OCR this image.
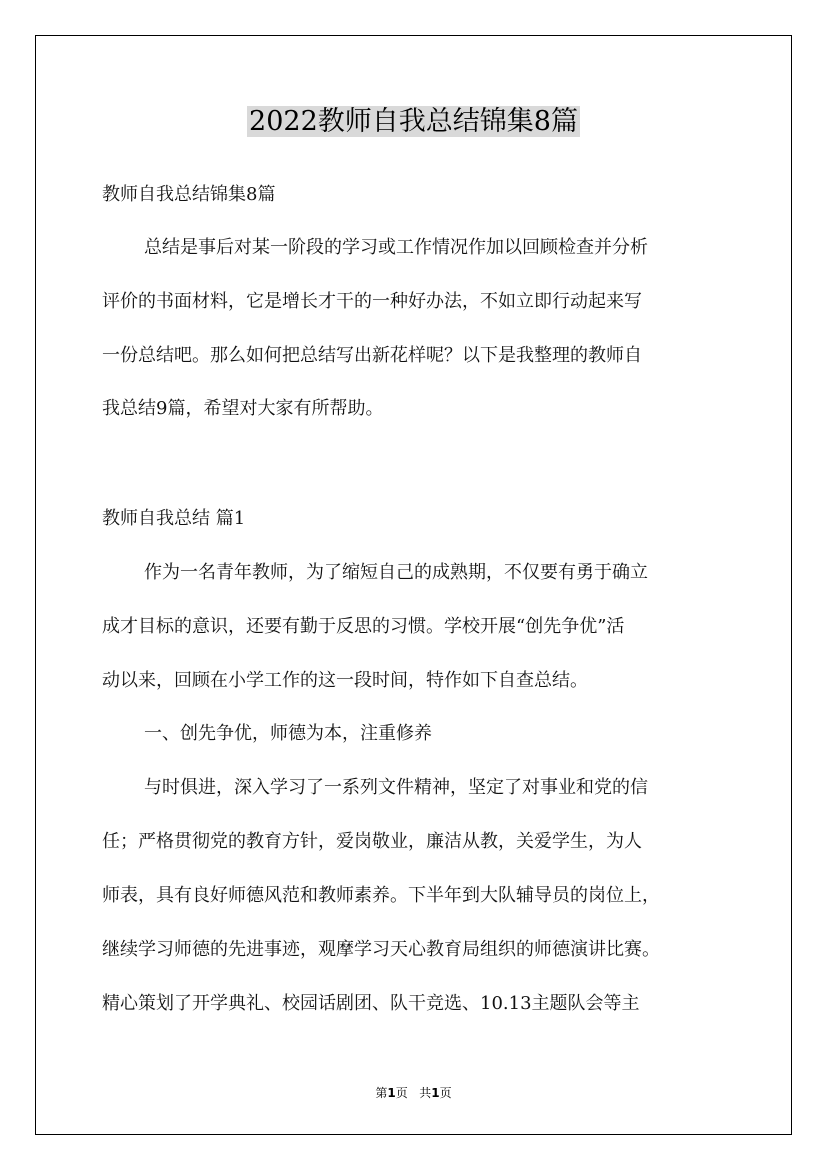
2022教师自我总结锦集8篇
教师自我总结锦集8篇
总结是事后对某一阶段的学习或工作情况作加以回顾检查并分析
评价的书面材料，它是增长才干的一种好办法，不如立即行动起来写
一份总结吧。那么如何把总结写出新花样呢？以下是我整理的教师自
我总结9篇，希望对大家有所帮助。
教师自我总结 篇1
作为一名青年教师，为了缩短自己的成熟期，不仅要有勇于确立
成才目标的意识，还要有勤于反思的习惯。学校开展“创先争优”活
动以来，回顾在小学工作的这一段时间，特作如下自查总结。
一、创先争优，师德为本，注重修养
与时俱进，深入学习了一系列文件精神，坚定了对事业和党的信
任；严格贯彻党的教育方针，爱岗敬业，廉洁从教，关爱学生，为人
师表，具有良好师德风范和教师素养。下半年到大队辅导员的岗位上，
继续学习师德的先进事迹，观摩学习天心教育局组织的师德演讲比赛。
精心策划了开学典礼、校园话剧团、队干竞选、10.13主题队会等主
第1页 共1页
